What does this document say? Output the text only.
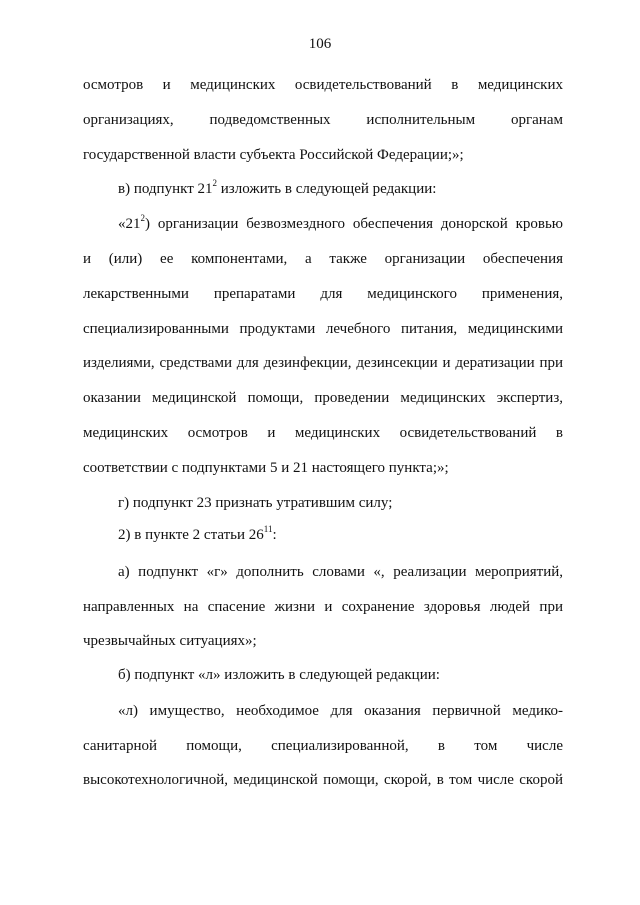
106
осмотров и медицинских освидетельствований в медицинских
организациях, подведомственных исполнительным органам
государственной власти субъекта Российской Федерации;»;
в) подпункт $21^2$ изложить в следующей редакции:
«$21^2$) организации безвозмездного обеспечения донорской кровью
и (или) ее компонентами, а также организации обеспечения
лекарственными препаратами для медицинского применения,
специализированными продуктами лечебного питания, медицинскими
изделиями, средствами для дезинфекции, дезинсекции и дератизации при
оказании медицинской помощи, проведении медицинских экспертиз,
медицинских осмотров и медицинских освидетельствований в
соответствии с подпунктами 5 и 21 настоящего пункта;»;
г) подпункт 23 признать утратившим силу;
2) в пункте 2 статьи $26^{11}$:
а) подпункт «г» дополнить словами «, реализации мероприятий,
направленных на спасение жизни и сохранение здоровья людей при
чрезвычайных ситуациях»;
б) подпункт «л» изложить в следующей редакции:
«л) имущество, необходимое для оказания первичной медико-
санитарной помощи, специализированной, в том числе
высокотехнологичной, медицинской помощи, скорой, в том числе скорой
